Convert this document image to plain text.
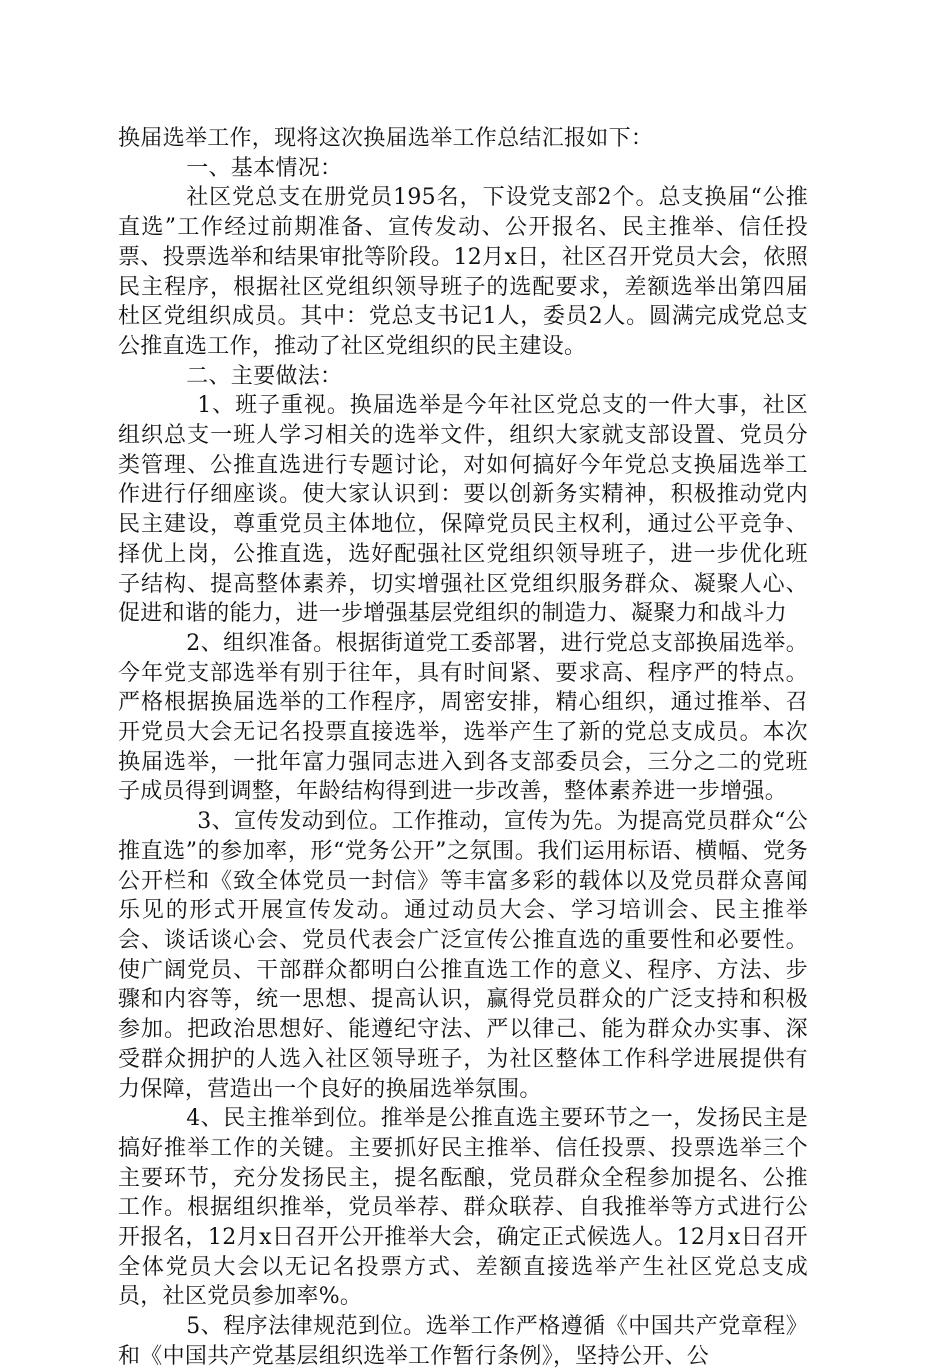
换届选举工作，现将这次换届选举工作总结汇报如下：

一、基本情况：

社区党总支在册党员195名，下设党支部2个。总支换届“公推直选”工作经过前期准备、宣传发动、公开报名、民主推举、信任投票、投票选举和结果审批等阶段。12月x日，社区召开党员大会，依照民主程序，根据社区党组织领导班子的选配要求，差额选举出第四届杜区党组织成员。其中：党总支书记1人，委员2人。圆满完成党总支公推直选工作，推动了社区党组织的民主建设。

二、主要做法：

1、班子重视。换届选举是今年社区党总支的一件大事，社区组织总支一班人学习相关的选举文件，组织大家就支部设置、党员分类管理、公推直选进行专题讨论，对如何搞好今年党总支换届选举工作进行仔细座谈。使大家认识到：要以创新务实精神，积极推动党内民主建设，尊重党员主体地位，保障党员民主权利，通过公平竞争、择优上岗，公推直选，选好配强社区党组织领导班子，进一步优化班子结构、提高整体素养，切实增强社区党组织服务群众、凝聚人心、促进和谐的能力，进一步增强基层党组织的制造力、凝聚力和战斗力

2、组织准备。根据街道党工委部署，进行党总支部换届选举。今年党支部选举有别于往年，具有时间紧、要求高、程序严的特点。严格根据换届选举的工作程序，周密安排，精心组织，通过推举、召开党员大会无记名投票直接选举，选举产生了新的党总支成员。本次换届选举，一批年富力强同志进入到各支部委员会，三分之二的党班子成员得到调整，年龄结构得到进一步改善，整体素养进一步增强。

3、宣传发动到位。工作推动，宣传为先。为提高党员群众“公推直选”的参加率，形“党务公开”之氛围。我们运用标语、横幅、党务公开栏和《致全体党员一封信》等丰富多彩的载体以及党员群众喜闻乐见的形式开展宣传发动。通过动员大会、学习培训会、民主推举会、谈话谈心会、党员代表会广泛宣传公推直选的重要性和必要性。使广阔党员、干部群众都明白公推直选工作的意义、程序、方法、步骤和内容等，统一思想、提高认识，赢得党员群众的广泛支持和积极参加。把政治思想好、能遵纪守法、严以律己、能为群众办实事、深受群众拥护的人选入社区领导班子，为社区整体工作科学进展提供有力保障，营造出一个良好的换届选举氛围。

4、民主推举到位。推举是公推直选主要环节之一，发扬民主是搞好推举工作的关键。主要抓好民主推举、信任投票、投票选举三个主要环节，充分发扬民主，提名酝酿，党员群众全程参加提名、公推工作。根据组织推举，党员举荐、群众联荐、自我推举等方式进行公开报名，12月x日召开公开推举大会，确定正式候选人。12月x日召开全体党员大会以无记名投票方式、差额直接选举产生社区党总支成员，社区党员参加率%。

5、程序法律规范到位。选举工作严格遵循《中国共产党章程》和《中国共产党基层组织选举工作暂行条例》，坚持公开、公
